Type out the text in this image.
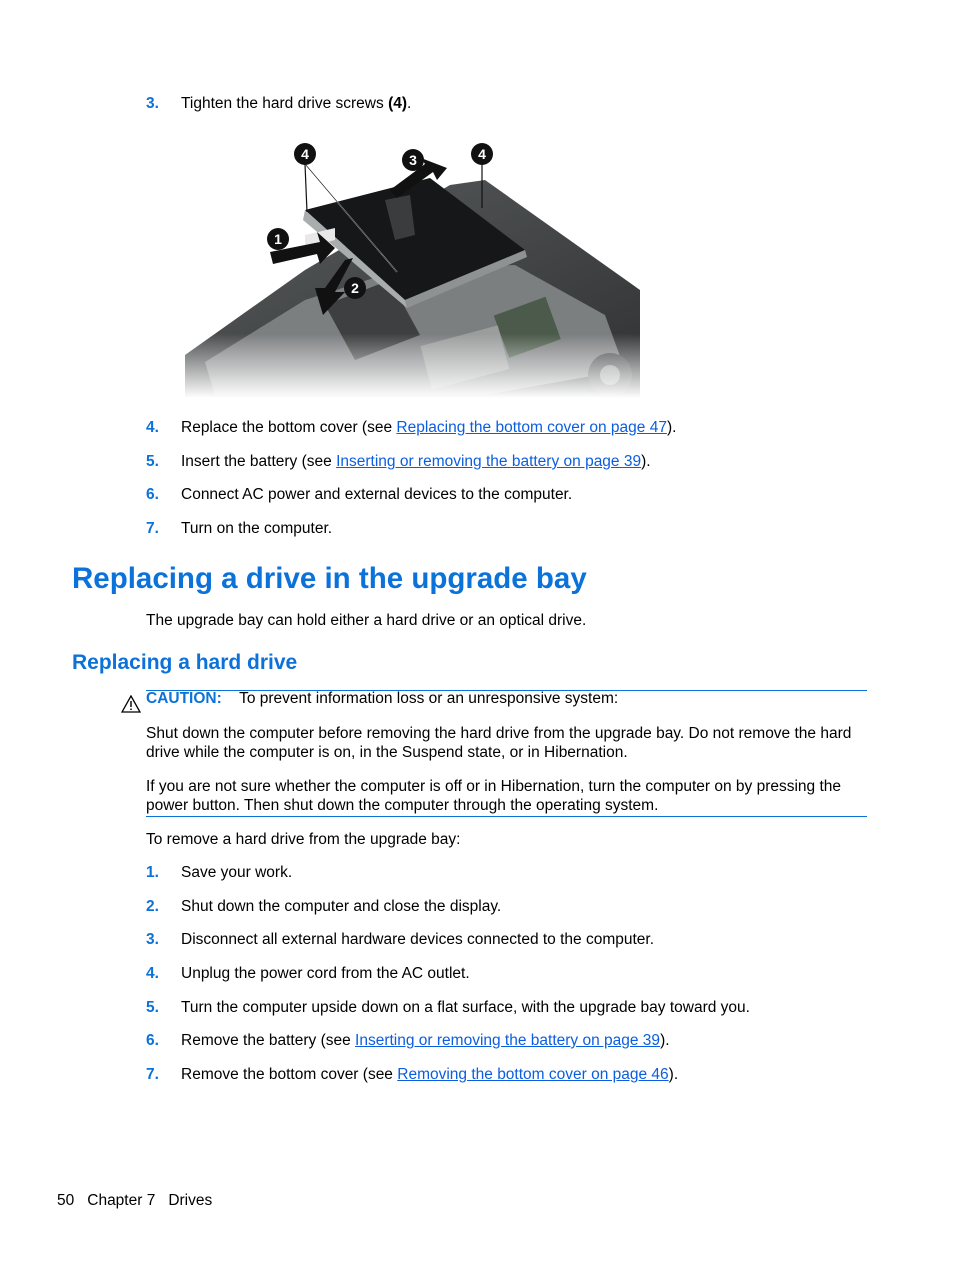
3. Tighten the hard drive screws (4).
4. Replace the bottom cover (see Replacing the bottom cover on page 47).
5. Insert the battery (see Inserting or removing the battery on page 39).
6. Connect AC power and external devices to the computer.
7. Turn on the computer.
Replacing a drive in the upgrade bay
The upgrade bay can hold either a hard drive or an optical drive.
Replacing a hard drive
CAUTION: To prevent information loss or an unresponsive system:
Shut down the computer before removing the hard drive from the upgrade bay. Do not remove the hard drive while the computer is on, in the Suspend state, or in Hibernation.
If you are not sure whether the computer is off or in Hibernation, turn the computer on by pressing the power button. Then shut down the computer through the operating system.
To remove a hard drive from the upgrade bay:
1. Save your work.
2. Shut down the computer and close the display.
3. Disconnect all external hardware devices connected to the computer.
4. Unplug the power cord from the AC outlet.
5. Turn the computer upside down on a flat surface, with the upgrade bay toward you.
6. Remove the battery (see Inserting or removing the battery on page 39).
7. Remove the bottom cover (see Removing the bottom cover on page 46).
50 Chapter 7 Drives
